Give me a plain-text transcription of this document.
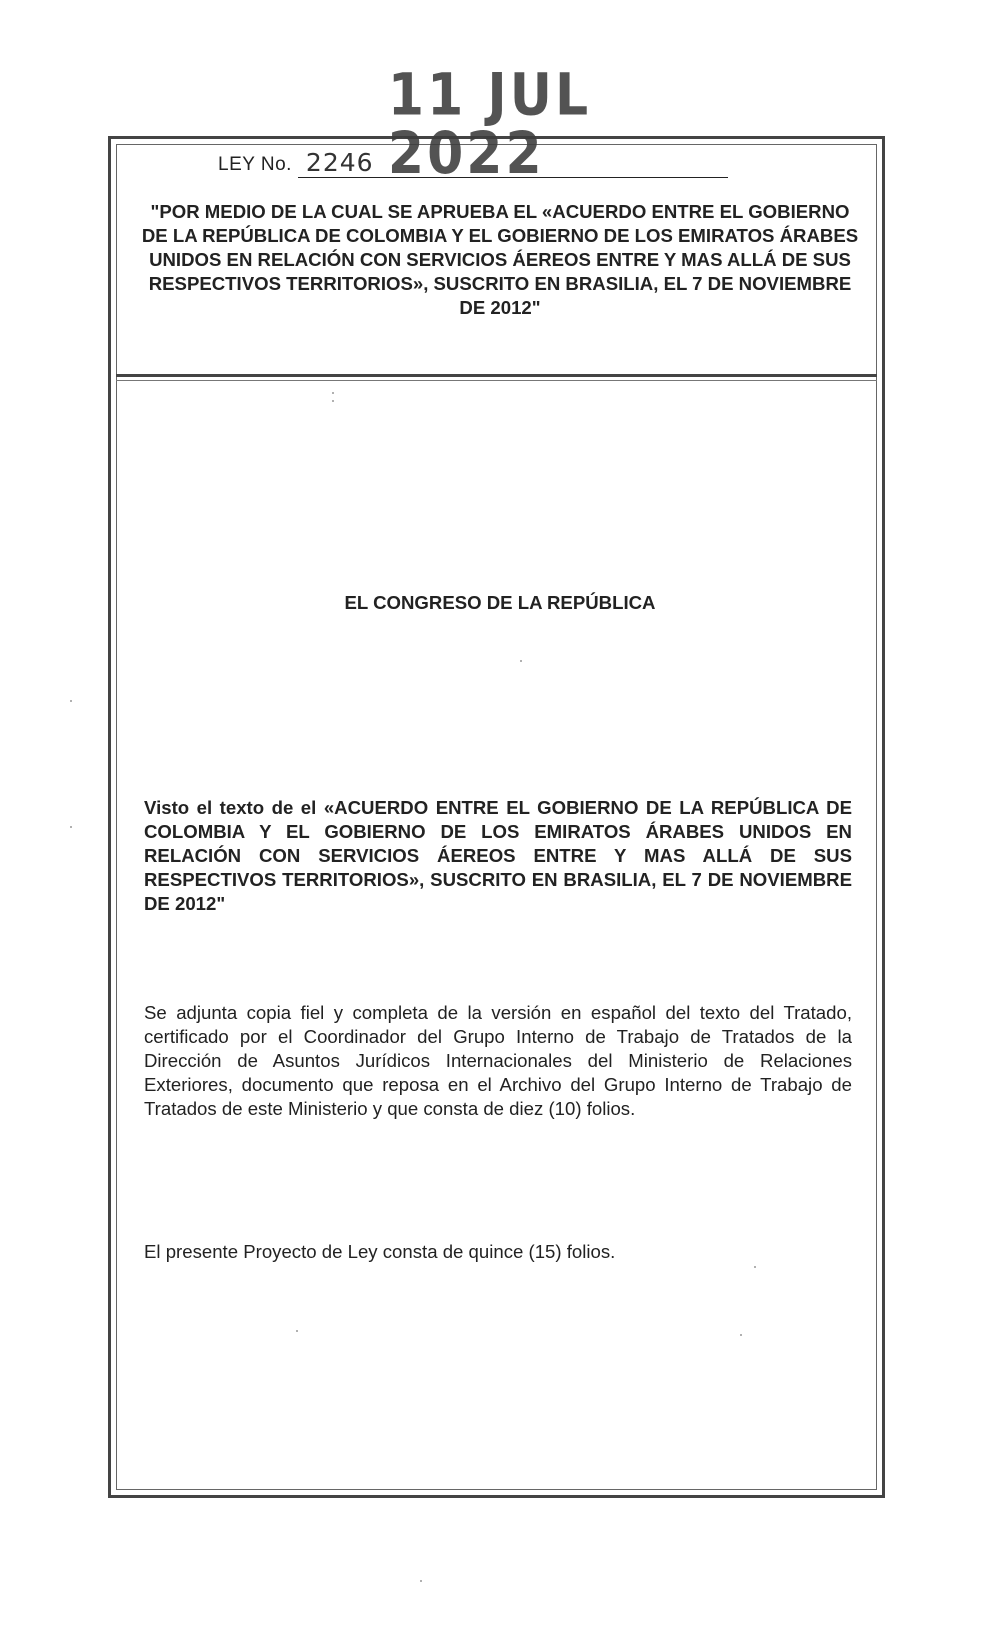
LEY No. 2246
11 JUL 2022

"POR MEDIO DE LA CUAL SE APRUEBA EL «ACUERDO ENTRE EL GOBIERNO DE LA REPÚBLICA DE COLOMBIA Y EL GOBIERNO DE LOS EMIRATOS ÁRABES UNIDOS EN RELACIÓN CON SERVICIOS ÁEREOS ENTRE Y MAS ALLÁ DE SUS RESPECTIVOS TERRITORIOS», SUSCRITO EN BRASILIA, EL 7 DE NOVIEMBRE DE 2012"

EL CONGRESO DE LA REPÚBLICA

Visto el texto de el «ACUERDO ENTRE EL GOBIERNO DE LA REPÚBLICA DE COLOMBIA Y EL GOBIERNO DE LOS EMIRATOS ÁRABES UNIDOS EN RELACIÓN CON SERVICIOS ÁEREOS ENTRE Y MAS ALLÁ DE SUS RESPECTIVOS TERRITORIOS», SUSCRITO EN BRASILIA, EL 7 DE NOVIEMBRE DE 2012"

Se adjunta copia fiel y completa de la versión en español del texto del Tratado, certificado por el Coordinador del Grupo Interno de Trabajo de Tratados de la Dirección de Asuntos Jurídicos Internacionales del Ministerio de Relaciones Exteriores, documento que reposa en el Archivo del Grupo Interno de Trabajo de Tratados de este Ministerio y que consta de diez (10) folios.

El presente Proyecto de Ley consta de quince (15) folios.
